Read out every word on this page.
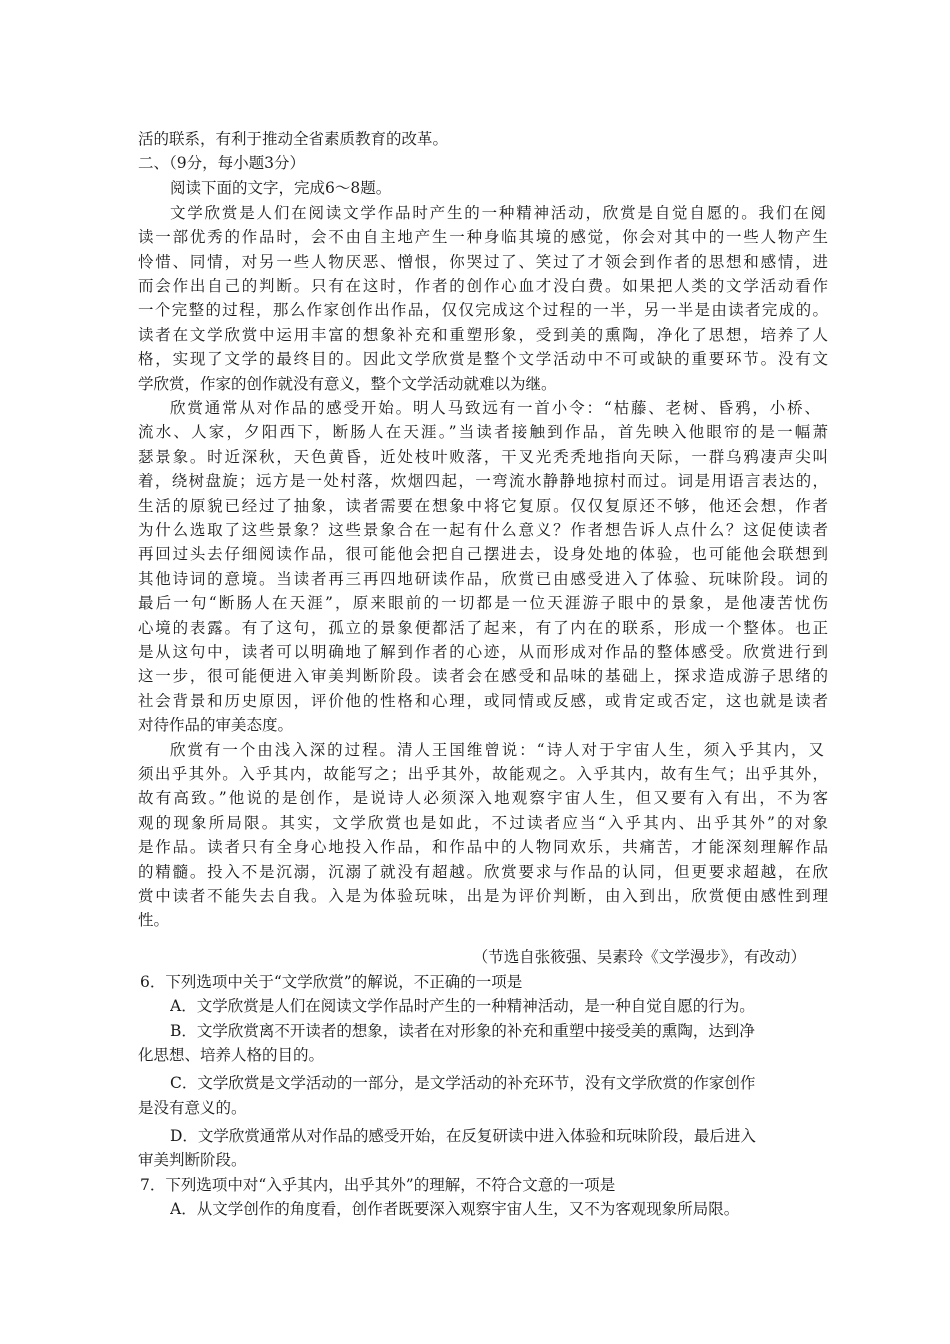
活的联系，有利于推动全省素质教育的改革。
二、（9分，每小题3分）
阅读下面的文字，完成6～8题。
文学欣赏是人们在阅读文学作品时产生的一种精神活动，欣赏是自觉自愿的。我们在阅
读一部优秀的作品时，会不由自主地产生一种身临其境的感觉，你会对其中的一些人物产生
怜惜、同情，对另一些人物厌恶、憎恨，你哭过了、笑过了才领会到作者的思想和感情，进
而会作出自己的判断。只有在这时，作者的创作心血才没白费。如果把人类的文学活动看作
一个完整的过程，那么作家创作出作品，仅仅完成这个过程的一半，另一半是由读者完成的。
读者在文学欣赏中运用丰富的想象补充和重塑形象，受到美的熏陶，净化了思想，培养了人
格，实现了文学的最终目的。因此文学欣赏是整个文学活动中不可或缺的重要环节。没有文
学欣赏，作家的创作就没有意义，整个文学活动就难以为继。
欣赏通常从对作品的感受开始。明人马致远有一首小令：“枯藤、老树、昏鸦，小桥、
流水、人家，夕阳西下，断肠人在天涯。”当读者接触到作品，首先映入他眼帘的是一幅萧
瑟景象。时近深秋，天色黄昏，近处枝叶败落，干叉光秃秃地指向天际，一群乌鸦凄声尖叫
着，绕树盘旋；远方是一处村落，炊烟四起，一弯流水静静地掠村而过。词是用语言表达的，
生活的原貌已经过了抽象，读者需要在想象中将它复原。仅仅复原还不够，他还会想，作者
为什么选取了这些景象？这些景象合在一起有什么意义？作者想告诉人点什么？这促使读者
再回过头去仔细阅读作品，很可能他会把自己摆进去，设身处地的体验，也可能他会联想到
其他诗词的意境。当读者再三再四地研读作品，欣赏已由感受进入了体验、玩味阶段。词的
最后一句“断肠人在天涯”，原来眼前的一切都是一位天涯游子眼中的景象，是他凄苦忧伤
心境的表露。有了这句，孤立的景象便都活了起来，有了内在的联系，形成一个整体。也正
是从这句中，读者可以明确地了解到作者的心迹，从而形成对作品的整体感受。欣赏进行到
这一步，很可能便进入审美判断阶段。读者会在感受和品味的基础上，探求造成游子思绪的
社会背景和历史原因，评价他的性格和心理，或同情或反感，或肯定或否定，这也就是读者
对待作品的审美态度。
欣赏有一个由浅入深的过程。清人王国维曾说：“诗人对于宇宙人生，须入乎其内，又
须出乎其外。入乎其内，故能写之；出乎其外，故能观之。入乎其内，故有生气；出乎其外，
故有高致。”他说的是创作，是说诗人必须深入地观察宇宙人生，但又要有入有出，不为客
观的现象所局限。其实，文学欣赏也是如此，不过读者应当“入乎其内、出乎其外”的对象
是作品。读者只有全身心地投入作品，和作品中的人物同欢乐，共痛苦，才能深刻理解作品
的精髓。投入不是沉溺，沉溺了就没有超越。欣赏要求与作品的认同，但更要求超越，在欣
赏中读者不能失去自我。入是为体验玩味，出是为评价判断，由入到出，欣赏便由感性到理
性。
（节选自张筱强、吴素玲《文学漫步》，有改动）
6．下列选项中关于“文学欣赏”的解说，不正确的一项是
A．文学欣赏是人们在阅读文学作品时产生的一种精神活动，是一种自觉自愿的行为。
B．文学欣赏离不开读者的想象，读者在对形象的补充和重塑中接受美的熏陶，达到净
化思想、培养人格的目的。
C．文学欣赏是文学活动的一部分，是文学活动的补充环节，没有文学欣赏的作家创作
是没有意义的。
D．文学欣赏通常从对作品的感受开始，在反复研读中进入体验和玩味阶段，最后进入
审美判断阶段。
7．下列选项中对“入乎其内，出乎其外”的理解，不符合文意的一项是
A．从文学创作的角度看，创作者既要深入观察宇宙人生，又不为客观现象所局限。
